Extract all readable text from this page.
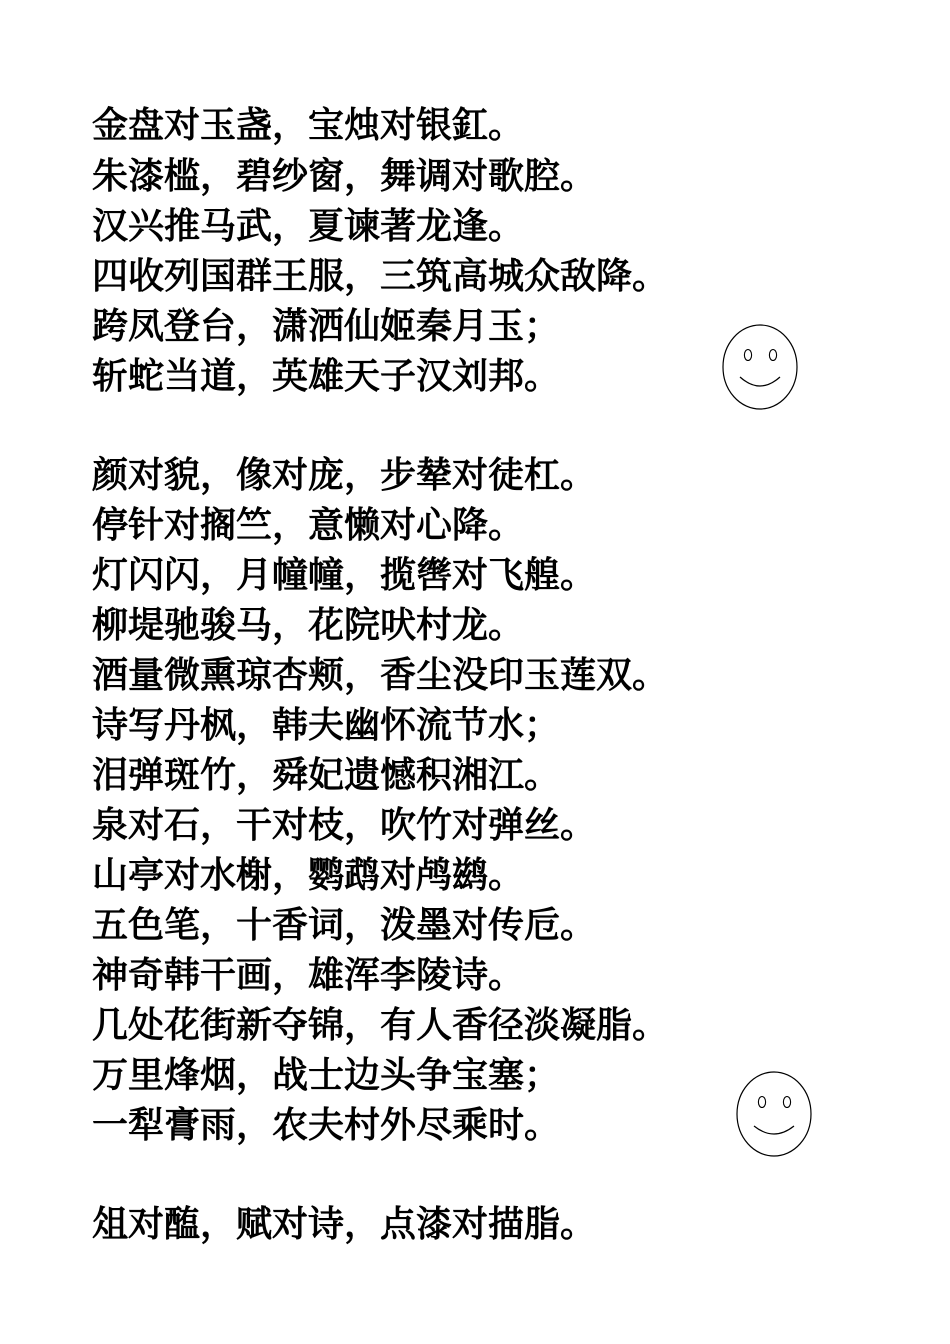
金盘对玉盏，宝烛对银釭。
朱漆槛，碧纱窗，舞调对歌腔。
汉兴推马武，夏谏著龙逢。
四收列国群王服，三筑高城众敌降。
跨凤登台，潇洒仙姬秦月玉；
斩蛇当道，英雄天子汉刘邦。
颜对貌，像对庞，步辇对徒杠。
停针对搁竺，意懒对心降。
灯闪闪，月幢幢，揽辔对飞艎。
柳堤驰骏马，花院吠村龙。
酒量微熏琼杏颊，香尘没印玉莲双。
诗写丹枫，韩夫幽怀流节水；
泪弹斑竹，舜妃遗憾积湘江。
泉对石，干对枝，吹竹对弹丝。
山亭对水榭，鹦鹉对鸬鹚。
五色笔，十香词，泼墨对传卮。
神奇韩干画，雄浑李陵诗。
几处花街新夺锦，有人香径淡凝脂。
万里烽烟，战士边头争宝塞；
一犁膏雨，农夫村外尽乘时。
俎对醢，赋对诗，点漆对描脂。
